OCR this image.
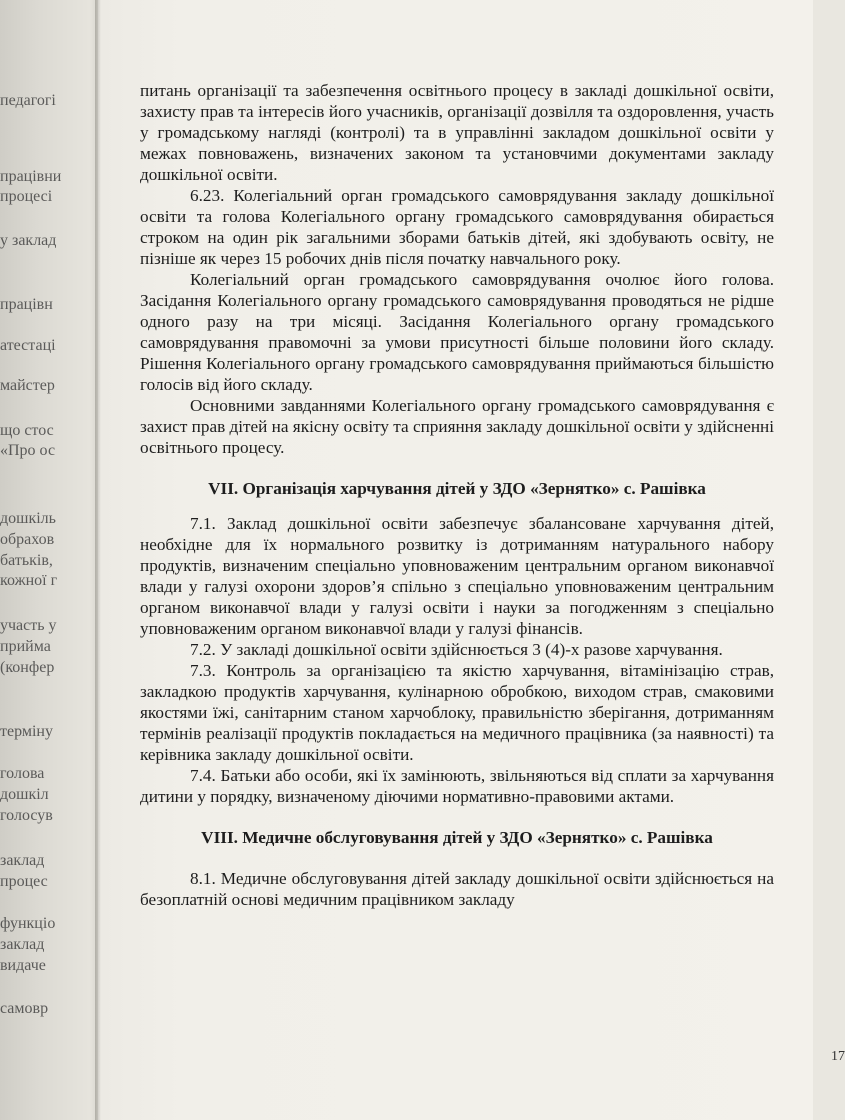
педагогі
працівни
процесі
у заклад
працівн
атестаці
майстер
що стос
«Про ос
дошкіль
обрахов
батьків,
кожної г
участь у
прийма
(конфер
терміну
голова
дошкіл
голосув
заклад
процес
функціо
заклад
видаче
самовр

питань організації та забезпечення освітнього процесу в закладі дошкільної освіти, захисту прав та інтересів його учасників, організації дозвілля та оздоровлення, участь у громадському нагляді (контролі) та в управлінні закладом дошкільної освіти у межах повноважень, визначених законом та установчими документами закладу дошкільної освіти.

6.23. Колегіальний орган громадського самоврядування закладу дошкільної освіти та голова Колегіального органу громадського самоврядування обирається строком на один рік загальними зборами батьків дітей, які здобувають освіту, не пізніше як через 15 робочих днів після початку навчального року.

Колегіальний орган громадського самоврядування очолює його голова. Засідання Колегіального органу громадського самоврядування проводяться не рідше одного разу на три місяці. Засідання Колегіального органу громадського самоврядування правомочні за умови присутності більше половини його складу. Рішення Колегіального органу громадського самоврядування приймаються більшістю голосів від його складу.

Основними завданнями Колегіального органу громадського самоврядування є захист прав дітей на якісну освіту та сприяння закладу дошкільної освіти у здійсненні освітнього процесу.

VII. Організація харчування дітей у ЗДО «Зернятко» с. Рашівка

7.1. Заклад дошкільної освіти забезпечує збалансоване харчування дітей, необхідне для їх нормального розвитку із дотриманням натурального набору продуктів, визначеним спеціально уповноваженим центральним органом виконавчої влади у галузі охорони здоров’я спільно з спеціально уповноваженим центральним органом виконавчої влади у галузі освіти і науки за погодженням з спеціально уповноваженим органом виконавчої влади у галузі фінансів.

7.2. У закладі дошкільної освіти здійснюється 3 (4)-х разове харчування.

7.3. Контроль за організацією та якістю харчування, вітамінізацію страв, закладкою продуктів харчування, кулінарною обробкою, виходом страв, смаковими якостями їжі, санітарним станом харчоблоку, правильністю зберігання, дотриманням термінів реалізації продуктів покладається на медичного працівника (за наявності) та керівника закладу дошкільної освіти.

7.4. Батьки або особи, які їх замінюють, звільняються від сплати за харчування дитини у порядку, визначеному діючими нормативно-правовими актами.

VIII. Медичне обслуговування дітей у ЗДО «Зернятко» с. Рашівка

8.1. Медичне обслуговування дітей закладу дошкільної освіти здійснюється на безоплатній основі медичним працівником закладу

17
